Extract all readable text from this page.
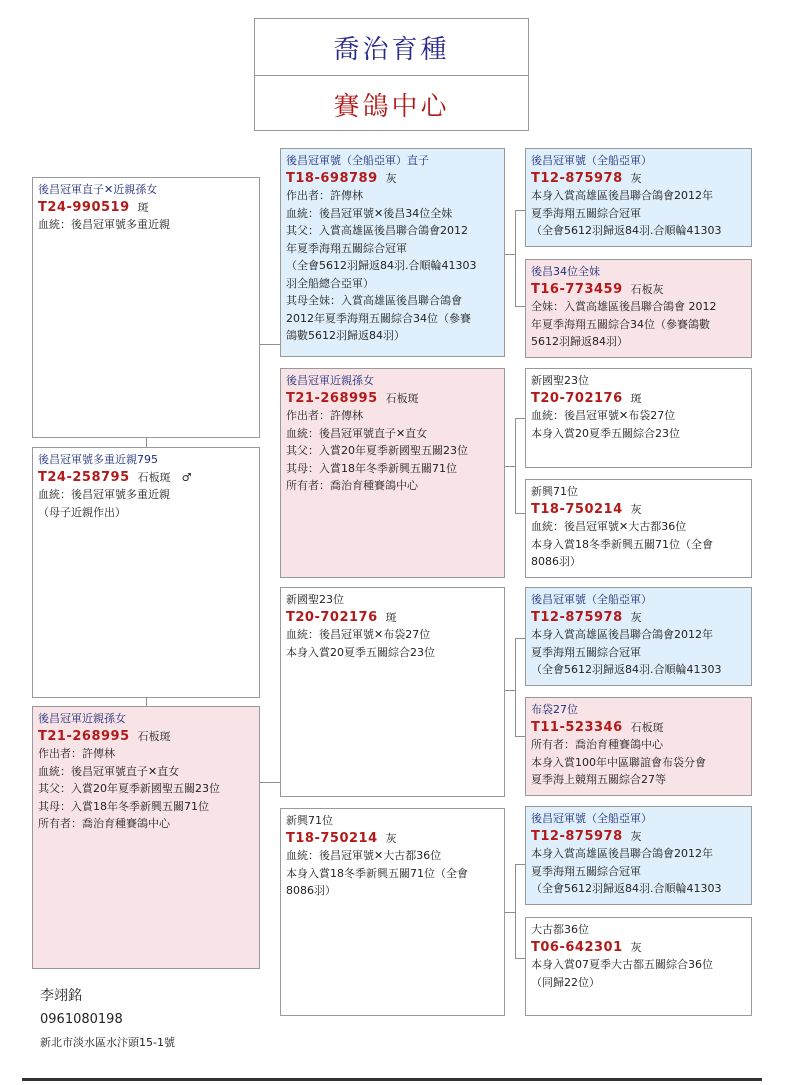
喬治育種
賽鴿中心
後昌冠軍直子✕近親孫女
T24-990519 斑
血統：後昌冠軍號多重近親
後昌冠軍號多重近親795
T24-258795 石板斑　♂
血統：後昌冠軍號多重近親
（母子近親作出）
後昌冠軍近親孫女
T21-268995 石板斑
作出者：許傳林
血統：後昌冠軍號直子✕直女
其父：入賞20年夏季新國聖五關23位
其母：入賞18年冬季新興五關71位
所有者：喬治育種賽鴿中心
後昌冠軍號（全船亞軍）直子
T18-698789 灰
作出者：許傳林
血統：後昌冠軍號✕後昌34位全妹
其父：入賞高雄區後昌聯合鴿會2012
年夏季海翔五關綜合冠軍
（全會5612羽歸返84羽.合順輪41303
羽全船總合亞軍）
其母全妹：入賞高雄區後昌聯合鴿會
2012年夏季海翔五關綜合34位（參賽
鴿數5612羽歸返84羽）
後昌冠軍近親孫女
T21-268995 石板斑
作出者：許傳林
血統：後昌冠軍號直子✕直女
其父：入賞20年夏季新國聖五關23位
其母：入賞18年冬季新興五關71位
所有者：喬治育種賽鴿中心
新國聖23位
T20-702176 斑
血統：後昌冠軍號✕布袋27位
本身入賞20夏季五關綜合23位
新興71位
T18-750214 灰
血統：後昌冠軍號✕大古都36位
本身入賞18冬季新興五關71位（全會
8086羽）
後昌冠軍號（全船亞軍）
T12-875978 灰
本身入賞高雄區後昌聯合鴿會2012年
夏季海翔五關綜合冠軍
（全會5612羽歸返84羽.合順輪41303
後昌34位全妹
T16-773459 石板灰
全妹：入賞高雄區後昌聯合鴿會 2012
年夏季海翔五關綜合34位（參賽鴿數
5612羽歸返84羽）
新國聖23位
T20-702176 斑
血統：後昌冠軍號✕布袋27位
本身入賞20夏季五關綜合23位
新興71位
T18-750214 灰
血統：後昌冠軍號✕大古都36位
本身入賞18冬季新興五關71位（全會
8086羽）
後昌冠軍號（全船亞軍）
T12-875978 灰
本身入賞高雄區後昌聯合鴿會2012年
夏季海翔五關綜合冠軍
（全會5612羽歸返84羽.合順輪41303
布袋27位
T11-523346 石板斑
所有者：喬治育種賽鴿中心
本身入賞100年中區聯誼會布袋分會
夏季海上競翔五關綜合27等
後昌冠軍號（全船亞軍）
T12-875978 灰
本身入賞高雄區後昌聯合鴿會2012年
夏季海翔五關綜合冠軍
（全會5612羽歸返84羽.合順輪41303
大古都36位
T06-642301 灰
本身入賞07夏季大古都五關綜合36位
（同歸22位）
李翊銘
0961080198
新北市淡水區水汴頭15-1號
